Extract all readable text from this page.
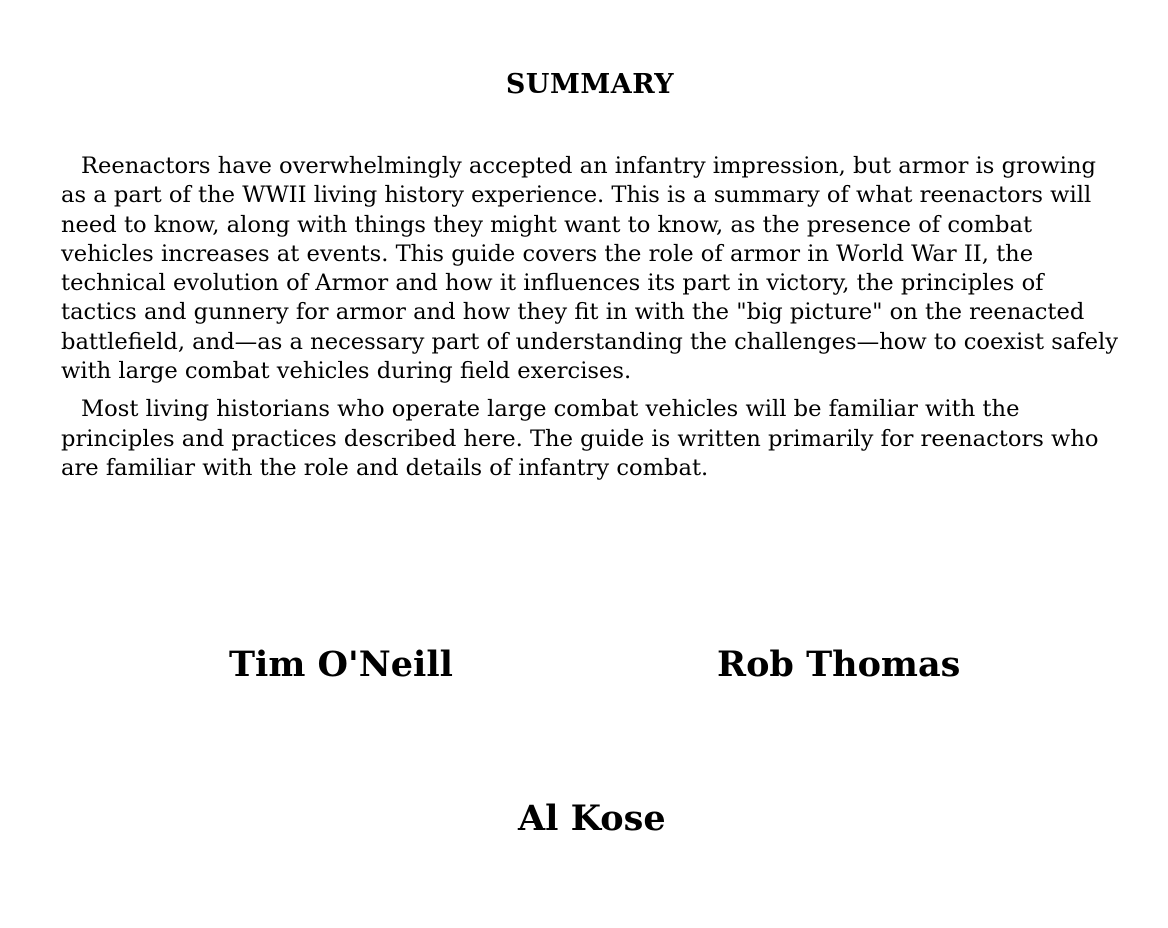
SUMMARY

Reenactors have overwhelmingly accepted an infantry impression, but armor is growing as a part of the WWII living history experience. This is a summary of what reenactors will need to know, along with things they might want to know, as the presence of combat vehicles increases at events. This guide covers the role of armor in World War II, the technical evolution of Armor and how it influences its part in victory, the principles of tactics and gunnery for armor and how they fit in with the "big picture" on the reenacted battlefield, and—as a necessary part of understanding the challenges—how to coexist safely with large combat vehicles during field exercises.

Most living historians who operate large combat vehicles will be familiar with the principles and practices described here. The guide is written primarily for reenactors who are familiar with the role and details of infantry combat.

Tim O'Neill	Rob Thomas
Al Kose
